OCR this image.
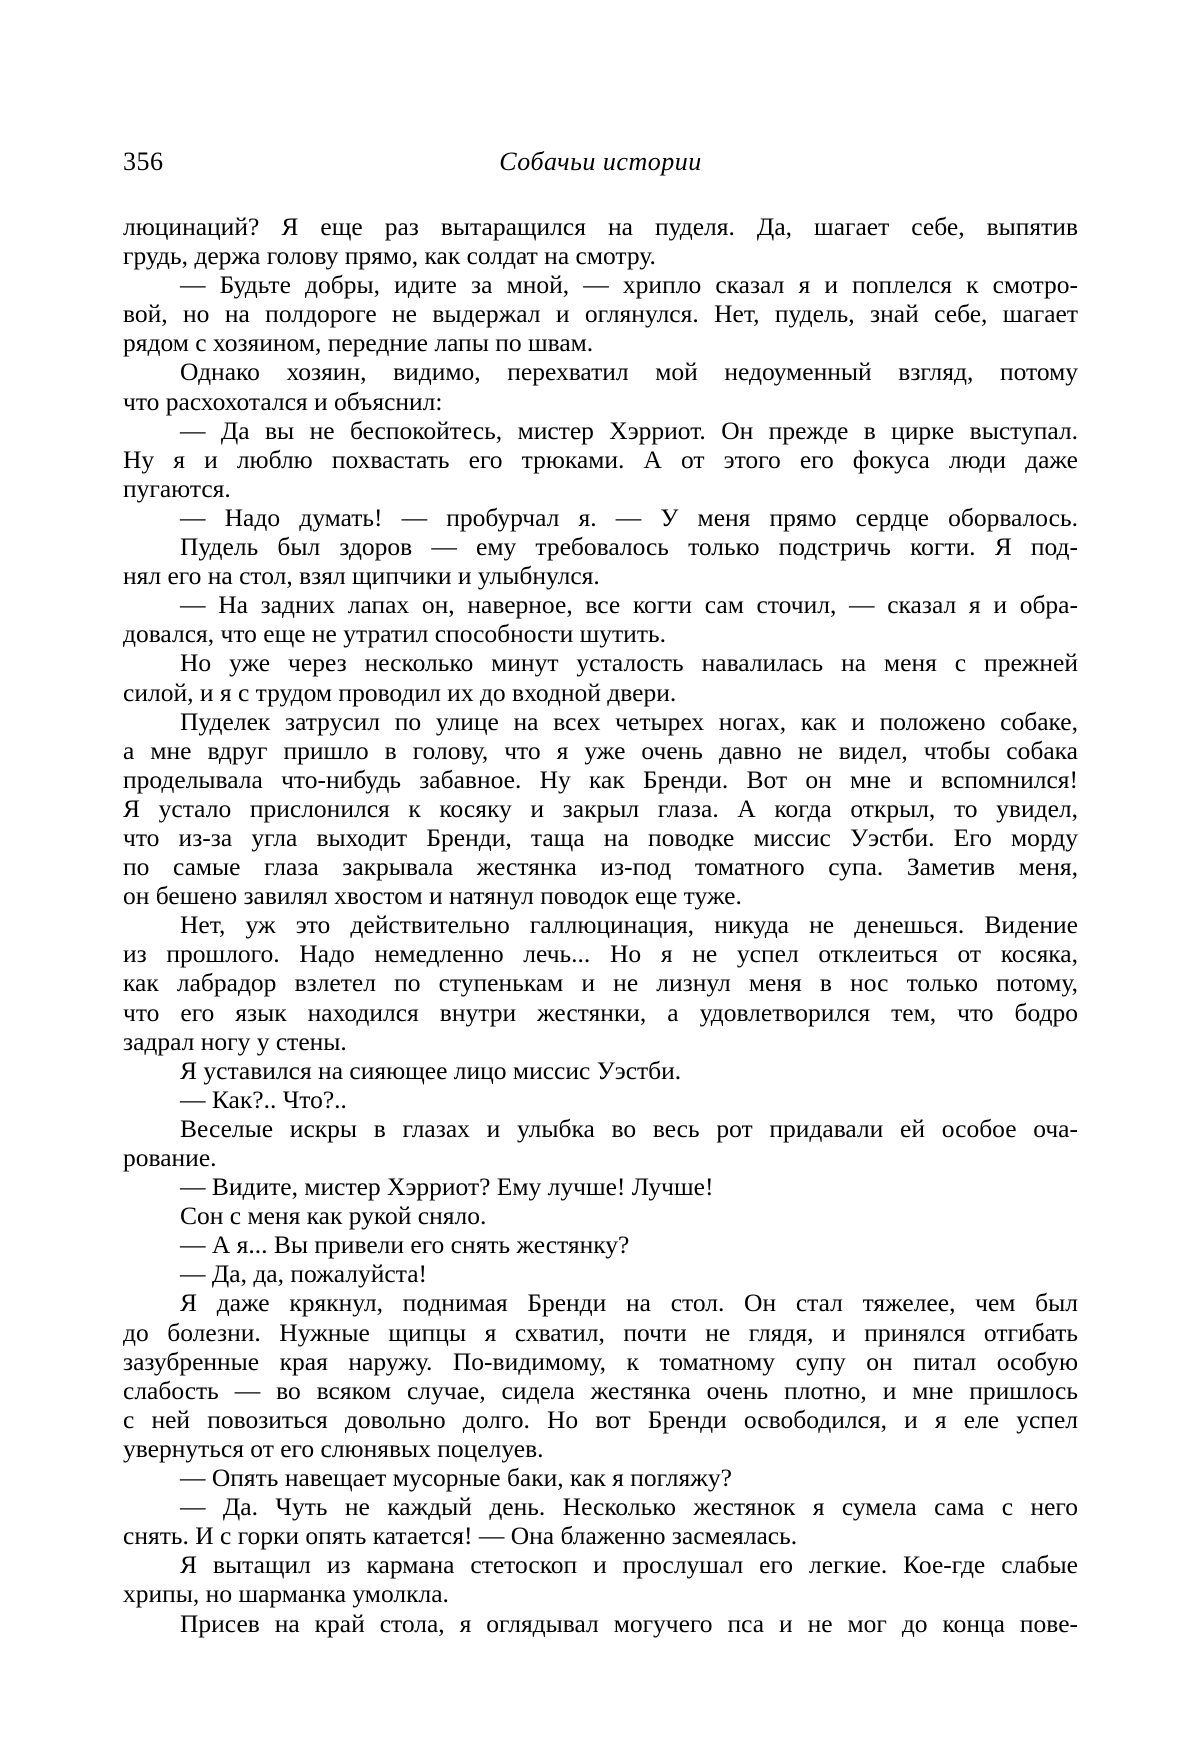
356	Собачьи истории
люцинаций? Я еще раз вытаращился на пуделя. Да, шагает себе, выпятив
грудь, держа голову прямо, как солдат на смотру.
— Будьте добры, идите за мной, — хрипло сказал я и поплелся к смотро-
вой, но на полдороге не выдержал и оглянулся. Нет, пудель, знай себе, шагает
рядом с хозяином, передние лапы по швам.
Однако хозяин, видимо, перехватил мой недоуменный взгляд, потому
что расхохотался и объяснил:
— Да вы не беспокойтесь, мистер Хэрриот. Он прежде в цирке выступал.
Ну я и люблю похвастать его трюками. А от этого его фокуса люди даже
пугаются.
— Надо думать! — пробурчал я. — У меня прямо сердце оборвалось.
Пудель был здоров — ему требовалось только подстричь когти. Я под-
нял его на стол, взял щипчики и улыбнулся.
— На задних лапах он, наверное, все когти сам сточил, — сказал я и обра-
довался, что еще не утратил способности шутить.
Но уже через несколько минут усталость навалилась на меня с прежней
силой, и я с трудом проводил их до входной двери.
Пуделек затрусил по улице на всех четырех ногах, как и положено собаке,
а мне вдруг пришло в голову, что я уже очень давно не видел, чтобы собака
проделывала что-нибудь забавное. Ну как Бренди. Вот он мне и вспомнился!
Я устало прислонился к косяку и закрыл глаза. А когда открыл, то увидел,
что из-за угла выходит Бренди, таща на поводке миссис Уэстби. Его морду
по самые глаза закрывала жестянка из-под томатного супа. Заметив меня,
он бешено завилял хвостом и натянул поводок еще туже.
Нет, уж это действительно галлюцинация, никуда не денешься. Видение
из прошлого. Надо немедленно лечь... Но я не успел отклеиться от косяка,
как лабрадор взлетел по ступенькам и не лизнул меня в нос только потому,
что его язык находился внутри жестянки, а удовлетворился тем, что бодро
задрал ногу у стены.
Я уставился на сияющее лицо миссис Уэстби.
— Как?.. Что?..
Веселые искры в глазах и улыбка во весь рот придавали ей особое оча-
рование.
— Видите, мистер Хэрриот? Ему лучше! Лучше!
Сон с меня как рукой сняло.
— А я... Вы привели его снять жестянку?
— Да, да, пожалуйста!
Я даже крякнул, поднимая Бренди на стол. Он стал тяжелее, чем был
до болезни. Нужные щипцы я схватил, почти не глядя, и принялся отгибать
зазубренные края наружу. По-видимому, к томатному супу он питал особую
слабость — во всяком случае, сидела жестянка очень плотно, и мне пришлось
с ней повозиться довольно долго. Но вот Бренди освободился, и я еле успел
увернуться от его слюнявых поцелуев.
— Опять навещает мусорные баки, как я погляжу?
— Да. Чуть не каждый день. Несколько жестянок я сумела сама с него
снять. И с горки опять катается! — Она блаженно засмеялась.
Я вытащил из кармана стетоскоп и прослушал его легкие. Кое-где слабые
хрипы, но шарманка умолкла.
Присев на край стола, я оглядывал могучего пса и не мог до конца пове-
